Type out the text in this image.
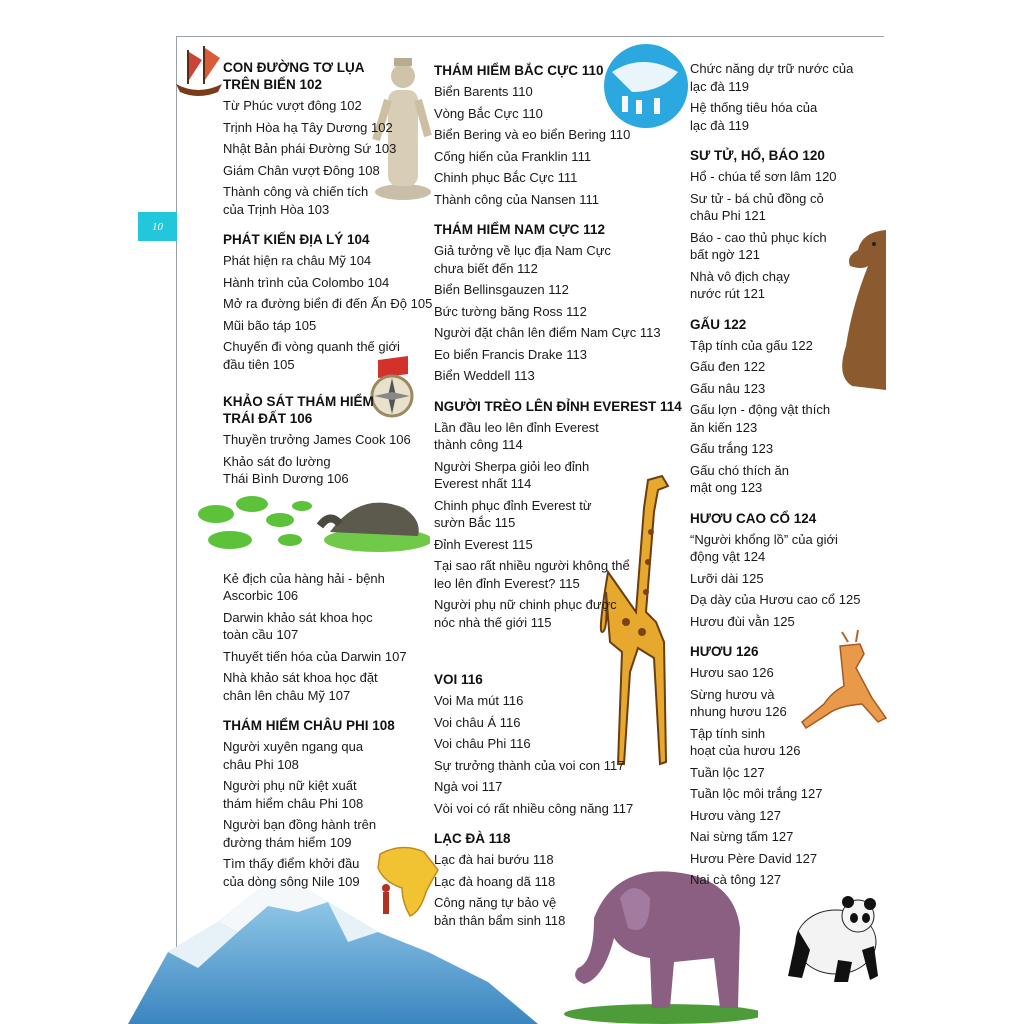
10
CON ĐƯỜNG TƠ LỤA
TRÊN BIỂN 102
Từ Phúc vượt đông 102
Trịnh Hòa hạ Tây Dương 102
Nhật Bản phái Đường Sứ 103
Giám Chân vượt Đông 108
Thành công và chiến tích
của Trịnh Hòa 103
PHÁT KIẾN ĐỊA LÝ 104
Phát hiện ra châu Mỹ 104
Hành trình của Colombo 104
Mở ra đường biển đi đến Ấn Độ 105
Mũi bão táp 105
Chuyến đi vòng quanh thế giới
đầu tiên 105
KHẢO SÁT THÁM HIỂM
TRÁI ĐẤT 106
Thuyền trưởng James Cook 106
Khảo sát đo lường
Thái Bình Dương 106
Kẻ địch của hàng hải - bệnh
Ascorbic 106
Darwin khảo sát khoa học
toàn cầu 107
Thuyết tiến hóa của Darwin 107
Nhà khảo sát khoa học đặt
chân lên châu Mỹ 107
THÁM HIỂM CHÂU PHI 108
Người xuyên ngang qua
châu Phi 108
Người phụ nữ kiệt xuất
thám hiểm châu Phi 108
Người bạn đồng hành trên
đường thám hiểm 109
Tìm thấy điểm khởi đầu
của dòng sông Nile 109
THÁM HIỂM BẮC CỰC 110
Biển Barents 110
Vòng Bắc Cực 110
Biển Bering và eo biển Bering 110
Cống hiến của Franklin 111
Chinh phục Bắc Cực 111
Thành công của Nansen 111
THÁM HIỂM NAM CỰC 112
Giả tưởng về lục địa Nam Cực
chưa biết đến 112
Biển Bellinsgauzen 112
Bức tường băng Ross 112
Người đặt chân lên điểm Nam Cực 113
Eo biển Francis Drake 113
Biển Weddell 113
NGƯỜI TRÈO LÊN ĐỈNH EVEREST 114
Lần đầu leo lên đỉnh Everest
thành công 114
Người Sherpa giỏi leo đỉnh
Everest nhất 114
Chinh phục đỉnh Everest từ
sườn Bắc 115
Đỉnh Everest 115
Tại sao rất nhiều người không thể
leo lên đỉnh Everest? 115
Người phụ nữ chinh phục được
nóc nhà thế giới 115
VOI 116
Voi Ma mút 116
Voi châu Á 116
Voi châu Phi 116
Sự trưởng thành của voi con 117
Ngà voi 117
Vòi voi có rất nhiều công năng 117
LẠC ĐÀ 118
Lạc đà hai bướu 118
Lạc đà hoang dã 118
Công năng tự bảo vệ
bản thân bẩm sinh 118
Chức năng dự trữ nước của
lạc đà 119
Hệ thống tiêu hóa của
lạc đà 119
SƯ TỬ, HỔ, BÁO 120
Hổ - chúa tể sơn lâm 120
Sư tử - bá chủ đồng cỏ
châu Phi 121
Báo - cao thủ phục kích
bất ngờ 121
Nhà vô địch chạy
nước rút 121
GẤU 122
Tập tính của gấu 122
Gấu đen 122
Gấu nâu 123
Gấu lợn - động vật thích
ăn kiến 123
Gấu trắng 123
Gấu chó thích ăn
mật ong 123
HƯƠU CAO CỔ 124
“Người khổng lồ” của giới
động vật 124
Lưỡi dài 125
Dạ dày của Hươu cao cổ 125
Hươu đùi vằn 125
HƯƠU 126
Hươu sao 126
Sừng hươu và
nhung hươu 126
Tập tính sinh
hoạt của hươu 126
Tuần lộc 127
Tuần lộc môi trắng 127
Hươu vàng 127
Nai sừng tấm 127
Hươu Père David 127
Nai cà tông 127
